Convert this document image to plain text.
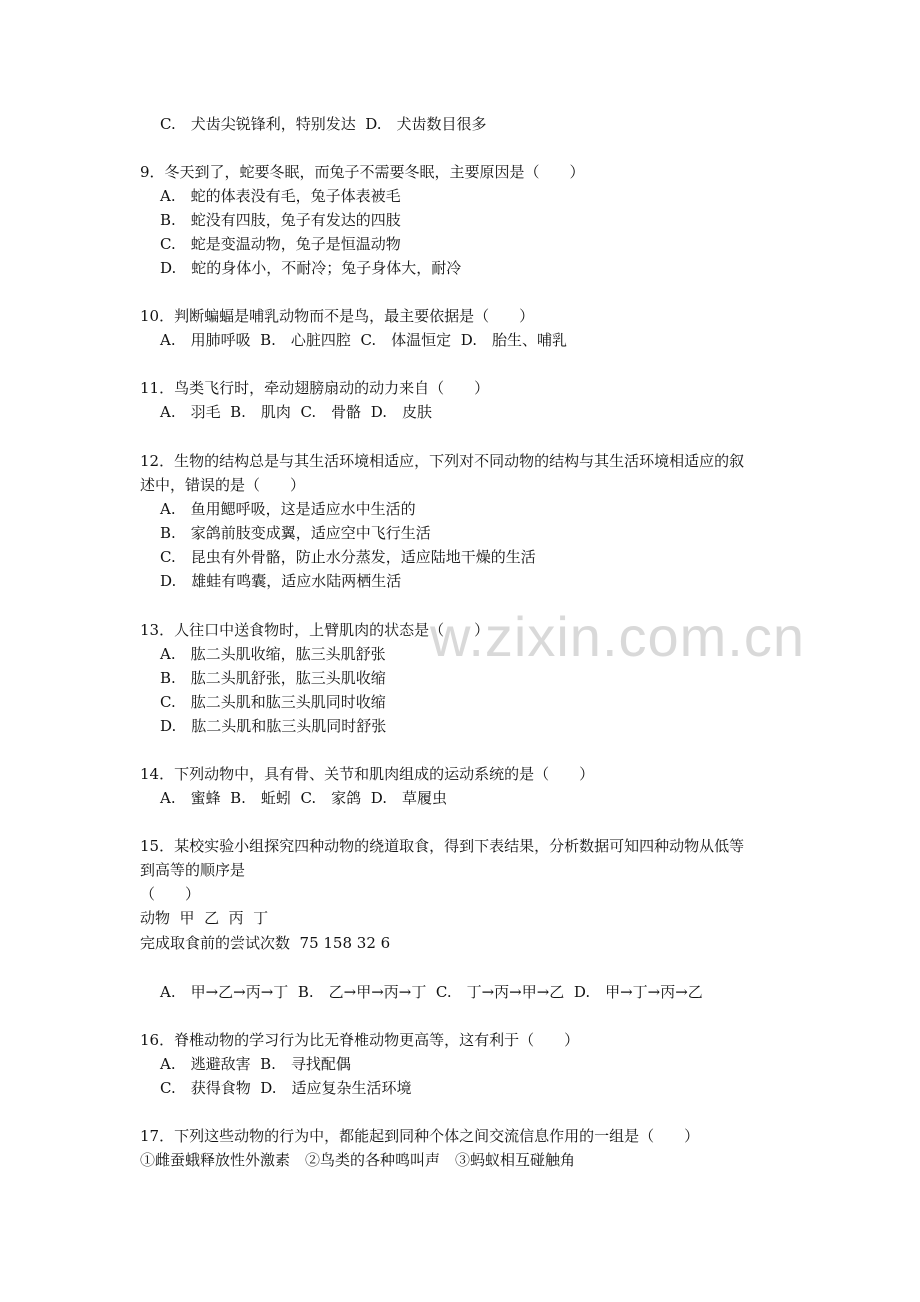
w.zixin.com.cn
C.　犬齿尖锐锋利，特别发达  D.　犬齿数目很多
9．冬天到了，蛇要冬眠，而兔子不需要冬眠，主要原因是（　　）
A.　蛇的体表没有毛，兔子体表被毛
B.　蛇没有四肢，兔子有发达的四肢
C.　蛇是变温动物，兔子是恒温动物
D.　蛇的身体小，不耐冷；兔子身体大，耐冷
10．判断蝙蝠是哺乳动物而不是鸟，最主要依据是（　　）
A.　用肺呼吸  B.　心脏四腔  C.　体温恒定  D.　胎生、哺乳
11．鸟类飞行时，牵动翅膀扇动的动力来自（　　）
A.　羽毛  B.　肌肉  C.　骨骼  D.　皮肤
12．生物的结构总是与其生活环境相适应，下列对不同动物的结构与其生活环境相适应的叙
述中，错误的是（　　）
A.　鱼用鳃呼吸，这是适应水中生活的
B.　家鸽前肢变成翼，适应空中飞行生活
C.　昆虫有外骨骼，防止水分蒸发，适应陆地干燥的生活
D.　雄蛙有鸣囊，适应水陆两栖生活
13．人往口中送食物时，上臂肌肉的状态是（　　）
A.　肱二头肌收缩，肱三头肌舒张
B.　肱二头肌舒张，肱三头肌收缩
C.　肱二头肌和肱三头肌同时收缩
D.　肱二头肌和肱三头肌同时舒张
14．下列动物中，具有骨、关节和肌肉组成的运动系统的是（　　）
A.　蜜蜂  B.　蚯蚓  C.　家鸽  D.　草履虫
15．某校实验小组探究四种动物的绕道取食，得到下表结果，分析数据可知四种动物从低等
到高等的顺序是
（　　）
动物  甲  乙  丙  丁
完成取食前的尝试次数  75 158 32 6
A.　甲→乙→丙→丁  B.　乙→甲→丙→丁  C.　丁→丙→甲→乙  D.　甲→丁→丙→乙
16．脊椎动物的学习行为比无脊椎动物更高等，这有利于（　　）
A.　逃避敌害  B.　寻找配偶
C.　获得食物  D.　适应复杂生活环境
17．下列这些动物的行为中，都能起到同种个体之间交流信息作用的一组是（　　）
①雌蚕蛾释放性外激素　②鸟类的各种鸣叫声　③蚂蚁相互碰触角
